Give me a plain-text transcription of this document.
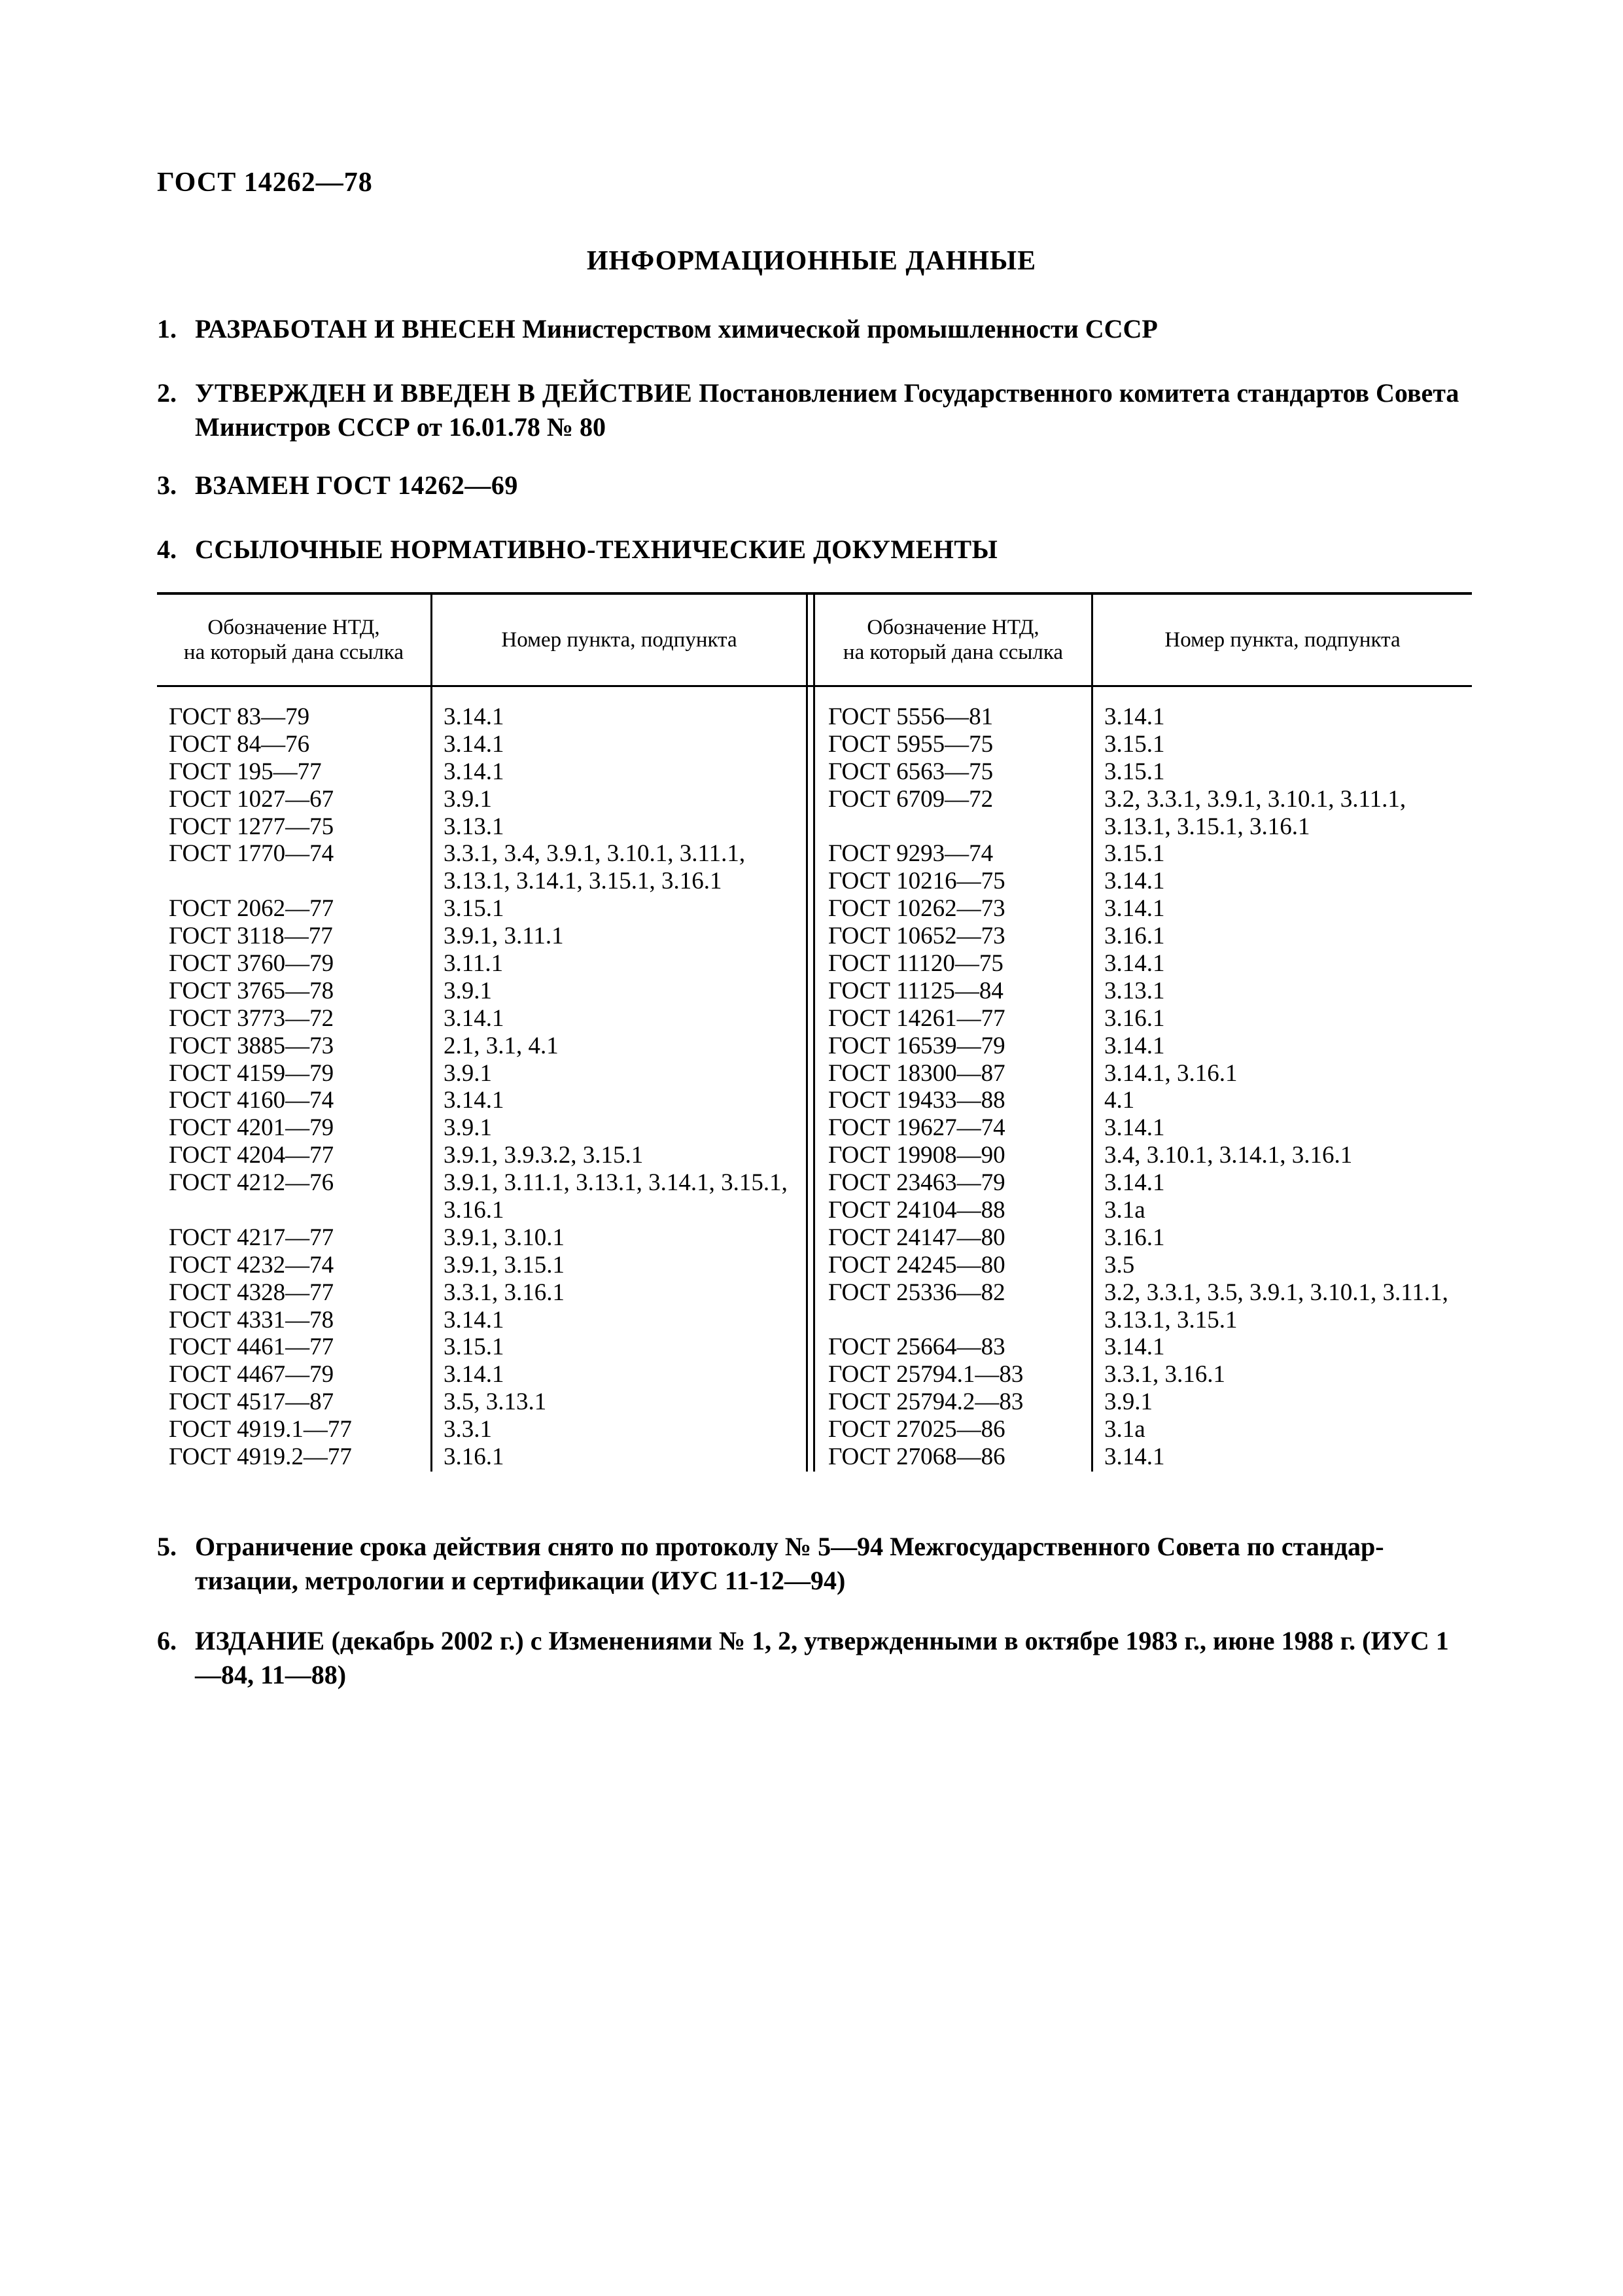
ГОСТ 14262—78
ИНФОРМАЦИОННЫЕ ДАННЫЕ
1. РАЗРАБОТАН И ВНЕСЕН Министерством химической промышленности СССР
2. УТВЕРЖДЕН И ВВЕДЕН В ДЕЙСТВИЕ Постановлением Государственного комитета стандартов Совета Министров СССР от 16.01.78 № 80
3. ВЗАМЕН ГОСТ 14262—69
4. ССЫЛОЧНЫЕ НОРМАТИВНО-ТЕХНИЧЕСКИЕ ДОКУМЕНТЫ
Обозначение НТД,
на который дана ссылка
Номер пункта, подпункта
ГОСТ 83—79	3.14.1
ГОСТ 84—76	3.14.1
ГОСТ 195—77	3.14.1
ГОСТ 1027—67	3.9.1
ГОСТ 1277—75	3.13.1
ГОСТ 1770—74	3.3.1, 3.4, 3.9.1, 3.10.1, 3.11.1,
3.13.1, 3.14.1, 3.15.1, 3.16.1
ГОСТ 2062—77	3.15.1
ГОСТ 3118—77	3.9.1, 3.11.1
ГОСТ 3760—79	3.11.1
ГОСТ 3765—78	3.9.1
ГОСТ 3773—72	3.14.1
ГОСТ 3885—73	2.1, 3.1, 4.1
ГОСТ 4159—79	3.9.1
ГОСТ 4160—74	3.14.1
ГОСТ 4201—79	3.9.1
ГОСТ 4204—77	3.9.1, 3.9.3.2, 3.15.1
ГОСТ 4212—76	3.9.1, 3.11.1, 3.13.1, 3.14.1, 3.15.1,
3.16.1
ГОСТ 4217—77	3.9.1, 3.10.1
ГОСТ 4232—74	3.9.1, 3.15.1
ГОСТ 4328—77	3.3.1, 3.16.1
ГОСТ 4331—78	3.14.1
ГОСТ 4461—77	3.15.1
ГОСТ 4467—79	3.14.1
ГОСТ 4517—87	3.5, 3.13.1
ГОСТ 4919.1—77	3.3.1
ГОСТ 4919.2—77	3.16.1
Обозначение НТД,
на который дана ссылка
Номер пункта, подпункта
ГОСТ 5556—81	3.14.1
ГОСТ 5955—75	3.15.1
ГОСТ 6563—75	3.15.1
ГОСТ 6709—72	3.2, 3.3.1, 3.9.1, 3.10.1, 3.11.1,
3.13.1, 3.15.1, 3.16.1
ГОСТ 9293—74	3.15.1
ГОСТ 10216—75	3.14.1
ГОСТ 10262—73	3.14.1
ГОСТ 10652—73	3.16.1
ГОСТ 11120—75	3.14.1
ГОСТ 11125—84	3.13.1
ГОСТ 14261—77	3.16.1
ГОСТ 16539—79	3.14.1
ГОСТ 18300—87	3.14.1, 3.16.1
ГОСТ 19433—88	4.1
ГОСТ 19627—74	3.14.1
ГОСТ 19908—90	3.4, 3.10.1, 3.14.1, 3.16.1
ГОСТ 23463—79	3.14.1
ГОСТ 24104—88	3.1а
ГОСТ 24147—80	3.16.1
ГОСТ 24245—80	3.5
ГОСТ 25336—82	3.2, 3.3.1, 3.5, 3.9.1, 3.10.1, 3.11.1,
3.13.1, 3.15.1
ГОСТ 25664—83	3.14.1
ГОСТ 25794.1—83	3.3.1, 3.16.1
ГОСТ 25794.2—83	3.9.1
ГОСТ 27025—86	3.1а
ГОСТ 27068—86	3.14.1
5. Ограничение срока действия снято по протоколу № 5—94 Межгосударственного Совета по стандар- тизации, метрологии и сертификации (ИУС 11-12—94)
6. ИЗДАНИЕ (декабрь 2002 г.) с Изменениями № 1, 2, утвержденными в октябре 1983 г., июне 1988 г. (ИУС 1—84, 11—88)
